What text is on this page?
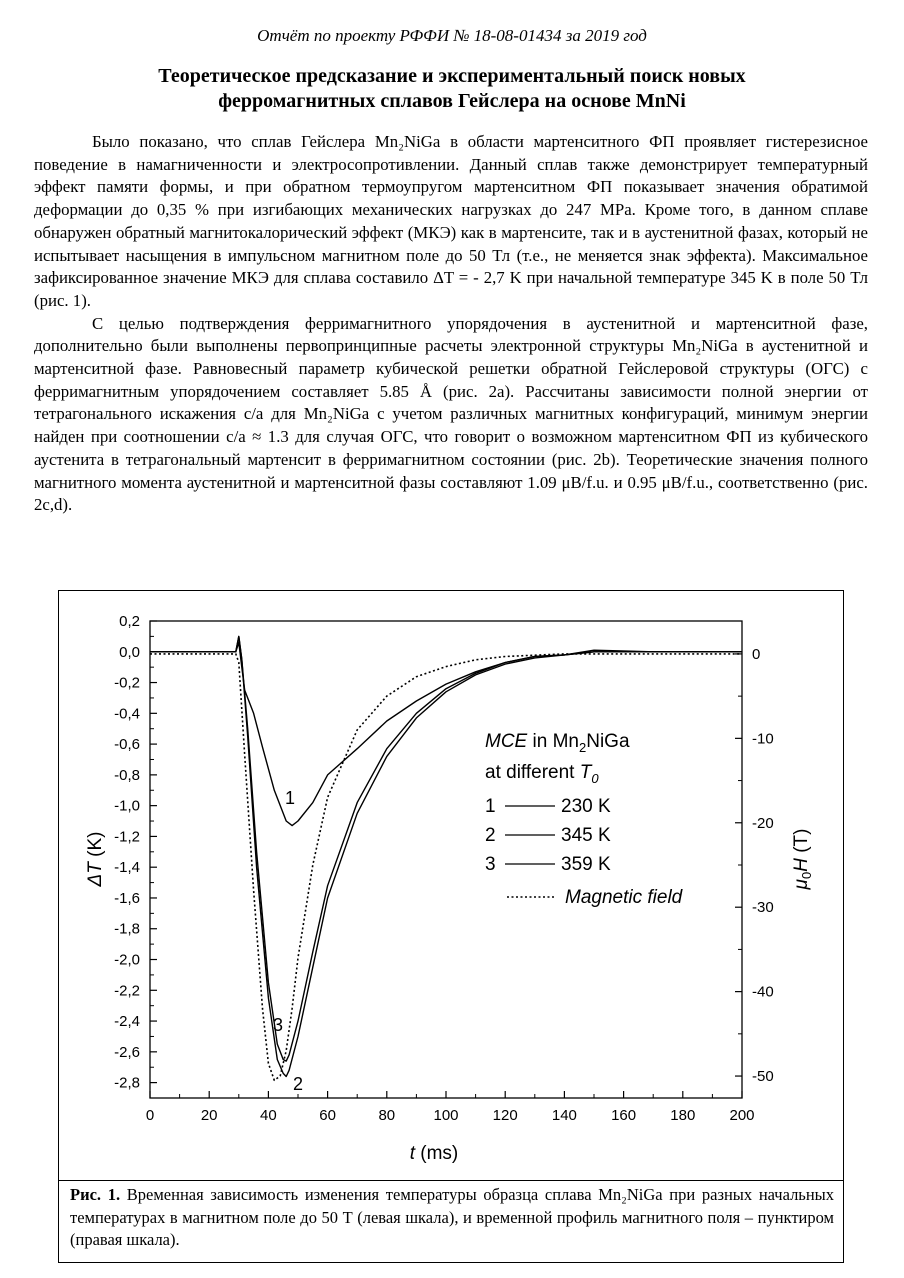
Отчёт по проекту РФФИ № 18-08-01434 за 2019 год
Теоретическое предсказание и экспериментальный поиск новых
ферромагнитных сплавов Гейслера на основе MnNi

Было показано, что сплав Гейслера Mn₂NiGa в области мартенситного ФП проявляет гистерезисное поведение в намагниченности и электросопротивлении. Данный сплав также демонстрирует температурный эффект памяти формы, и при обратном термоупругом мартенситном ФП показывает значения обратимой деформации до 0,35 % при изгибающих механических нагрузках до 247 MPa. Кроме того, в данном сплаве обнаружен обратный магнитокалорический эффект (МКЭ) как в мартенсите, так и в аустенитной фазах, который не испытывает насыщения в импульсном магнитном поле до 50 Тл (т.е., не меняется знак эффекта). Максимальное зафиксированное значение МКЭ для сплава составило ΔT = - 2,7 K при начальной температуре 345 K в поле 50 Тл (рис. 1).

С целью подтверждения ферримагнитного упорядочения в аустенитной и мартенситной фазе, дополнительно были выполнены первопринципные расчеты электронной структуры Mn₂NiGa в аустенитной и мартенситной фазе. Равновесный параметр кубической решетки обратной Гейслеровой структуры (ОГС) с ферримагнитным упорядочением составляет 5.85 Å (рис. 2a). Рассчитаны зависимости полной энергии от тетрагонального искажения c/a для Mn₂NiGa с учетом различных магнитных конфигураций, минимум энергии найден при соотношении c/a ≈ 1.3 для случая ОГС, что говорит о возможном мартенситном ФП из кубического аустенита в тетрагональный мартенсит в ферримагнитном состоянии (рис. 2b). Теоретические значения полного магнитного момента аустенитной и мартенситной фазы составляют 1.09 μB/f.u. и 0.95 μB/f.u., соответственно (рис. 2c,d).

0	20	40	60	80	100 120 140 160 180 200
0,2
0,0
-0,2
-0,4
-0,6
-0,8
-1,0
-1,2
-1,4
-1,6
-1,8
-2,0
-2,2
-2,4
-2,6
-2,8
0
-10
-20
-30
-40
-50
t (ms)
ΔT (K)
$\mu_0H$ (T)
MCE in $Mn_2NiGa$
at different $T_0$
1	230 K
2	345 K
3	359 K
Magnetic field
1
3
2
Рис. 1. Временная зависимость изменения температуры образца сплава Mn₂NiGa при разных начальных температурах в магнитном поле до 50 Т (левая шкала), и временной профиль магнитного поля – пунктиром (правая шкала).
